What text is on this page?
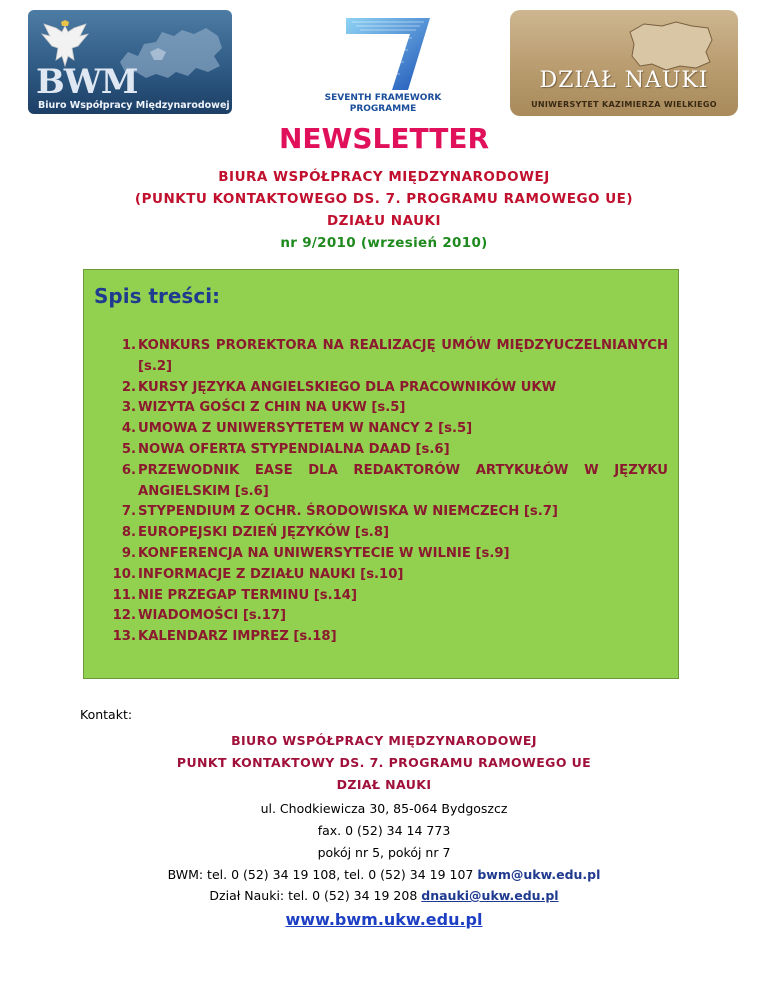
BWM
Biuro Współpracy Międzynarodowej
SEVENTH FRAMEWORK
PROGRAMME
DZIAŁ NAUKI
UNIWERSYTET KAZIMIERZA WIELKIEGO
NEWSLETTER
BIURA WSPÓŁPRACY MIĘDZYNARODOWEJ
(PUNKTU KONTAKTOWEGO DS. 7. PROGRAMU RAMOWEGO UE)
DZIAŁU NAUKI
nr 9/2010 (wrzesień 2010)
Spis treści:
1. KONKURS PROREKTORA NA REALIZACJĘ UMÓW MIĘDZYUCZELNIANYCH [s.2]
2. KURSY JĘZYKA ANGIELSKIEGO DLA PRACOWNIKÓW UKW
3. WIZYTA GOŚCI Z CHIN NA UKW [s.5]
4. UMOWA Z UNIWERSYTETEM W NANCY 2 [s.5]
5. NOWA OFERTA STYPENDIALNA DAAD [s.6]
6. PRZEWODNIK EASE DLA REDAKTORÓW ARTYKUŁÓW W JĘZYKU ANGIELSKIM [s.6]
7. STYPENDIUM Z OCHR. ŚRODOWISKA W NIEMCZECH [s.7]
8. EUROPEJSKI DZIEŃ JĘZYKÓW [s.8]
9. KONFERENCJA NA UNIWERSYTECIE W WILNIE [s.9]
10. INFORMACJE Z DZIAŁU NAUKI [s.10]
11. NIE PRZEGAP TERMINU [s.14]
12. WIADOMOŚCI [s.17]
13. KALENDARZ IMPREZ [s.18]
Kontakt:
BIURO WSPÓŁPRACY MIĘDZYNARODOWEJ
PUNKT KONTAKTOWY DS. 7. PROGRAMU RAMOWEGO UE
DZIAŁ NAUKI
ul. Chodkiewicza 30, 85-064 Bydgoszcz
fax. 0 (52) 34 14 773
pokój nr 5, pokój nr 7
BWM: tel. 0 (52) 34 19 108, tel. 0 (52) 34 19 107 bwm@ukw.edu.pl
Dział Nauki: tel. 0 (52) 34 19 208 dnauki@ukw.edu.pl
www.bwm.ukw.edu.pl
